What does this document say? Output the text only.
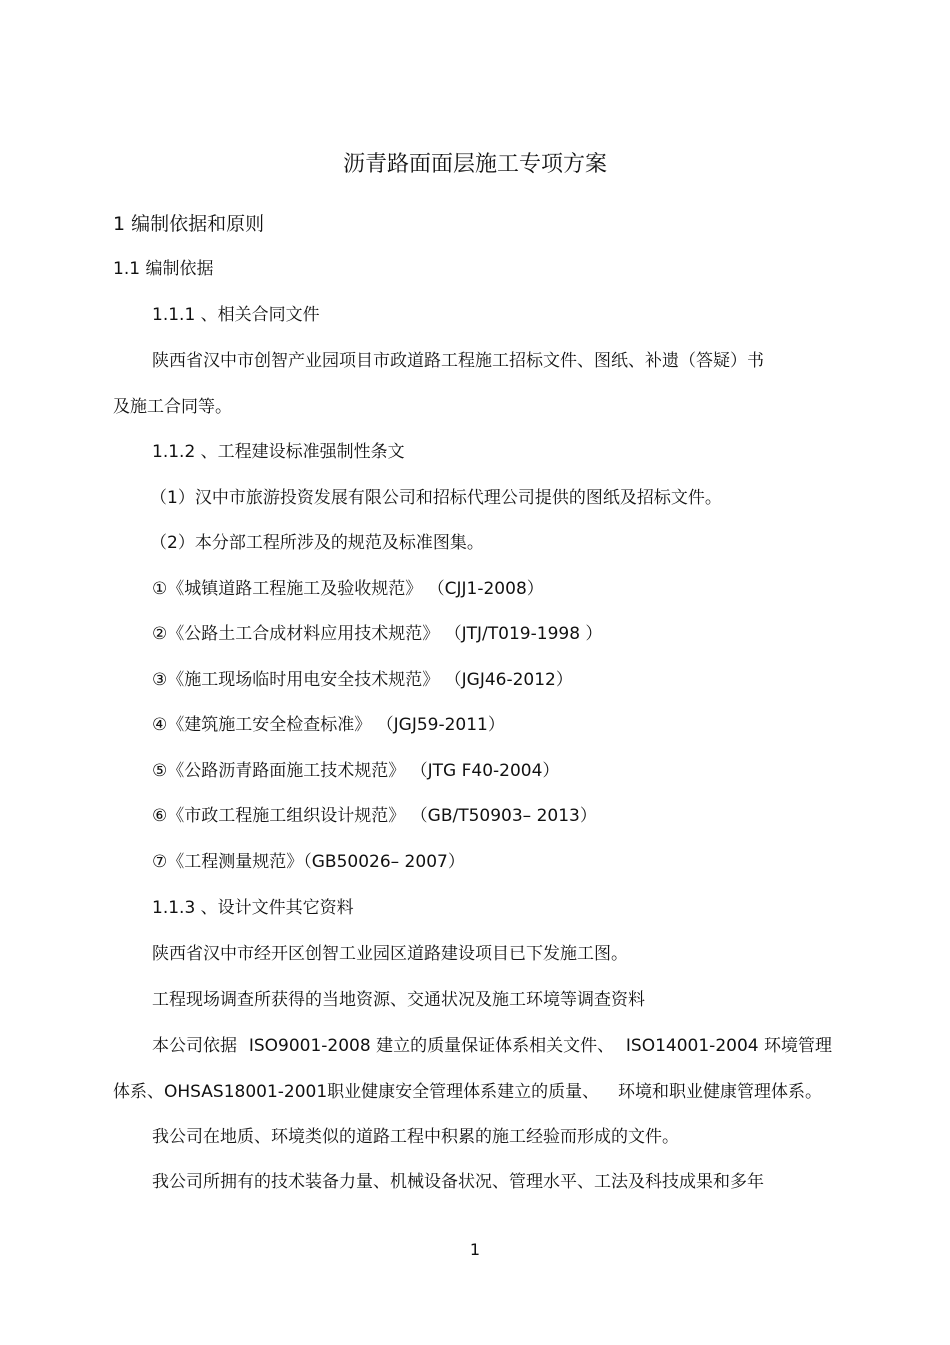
沥青路面面层施工专项方案
1 编制依据和原则
1.1 编制依据
1.1.1 、相关合同文件
陕西省汉中市创智产业园项目市政道路工程施工招标文件、图纸、补遗（答疑）书
及施工合同等。
1.1.2 、工程建设标准强制性条文
（1）汉中市旅游投资发展有限公司和招标代理公司提供的图纸及招标文件。
（2）本分部工程所涉及的规范及标准图集。
①《城镇道路工程施工及验收规范》 （CJJ1-2008）
②《公路土工合成材料应用技术规范》 （JTJ/T019-1998 ）
③《施工现场临时用电安全技术规范》 （JGJ46-2012）
④《建筑施工安全检查标准》 （JGJ59-2011）
⑤《公路沥青路面施工技术规范》 （JTG F40-2004）
⑥《市政工程施工组织设计规范》 （GB/T50903– 2013）
⑦《工程测量规范》（GB50026– 2007）
1.1.3 、设计文件其它资料
陕西省汉中市经开区创智工业园区道路建设项目已下发施工图。
工程现场调查所获得的当地资源、交通状况及施工环境等调查资料
本公司依据 ISO9001-2008 建立的质量保证体系相关文件、 ISO14001-2004 环境管理
体系、OHSAS18001-2001职业健康安全管理体系建立的质量、 环境和职业健康管理体系。
我公司在地质、环境类似的道路工程中积累的施工经验而形成的文件。
我公司所拥有的技术装备力量、机械设备状况、管理水平、工法及科技成果和多年
1
